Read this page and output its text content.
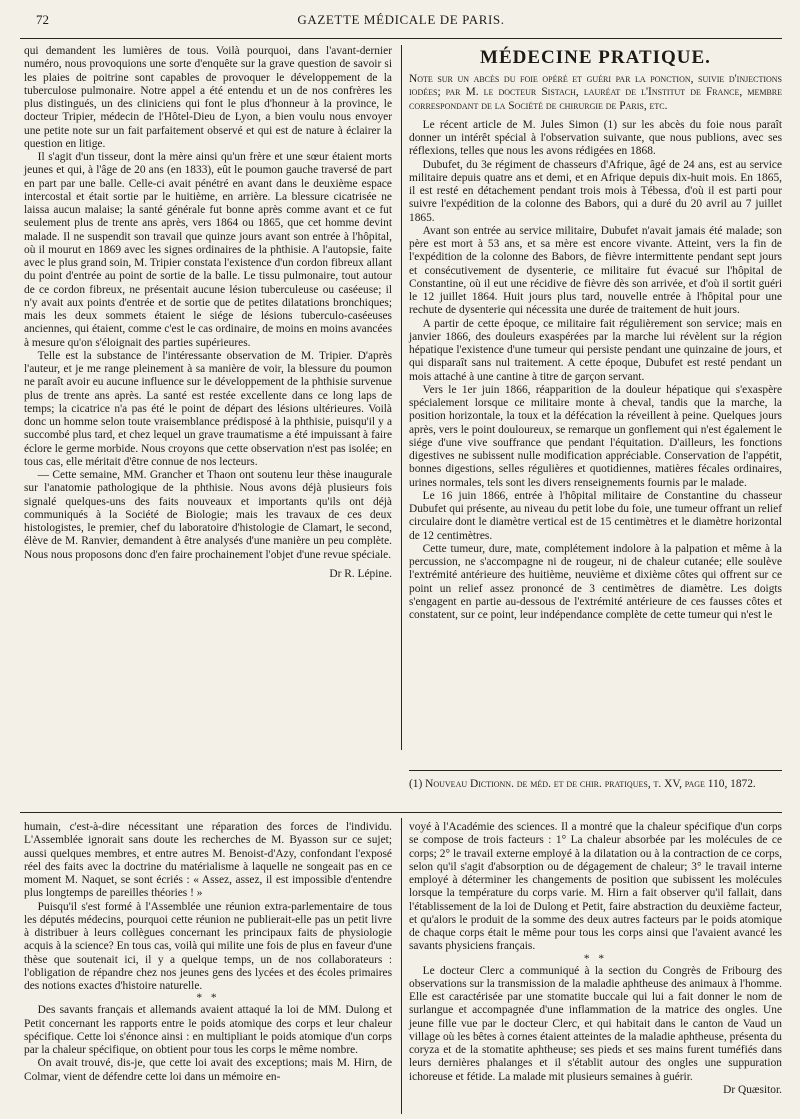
72	GAZETTE MÉDICALE DE PARIS.

qui demandent les lumières de tous. Voilà pourquoi, dans l'avant-dernier numéro, nous provoquions une sorte d'enquête sur la grave question de savoir si les plaies de poitrine sont capables de provoquer le développement de la tuberculose pulmonaire. Notre appel a été entendu et un de nos confrères les plus distingués, un des cliniciens qui font le plus d'honneur à la province, le docteur Tripier, médecin de l'Hôtel-Dieu de Lyon, a bien voulu nous envoyer une petite note sur un fait parfaitement observé et qui est de nature à éclairer la question en litige.

Il s'agit d'un tisseur, dont la mère ainsi qu'un frère et une sœur étaient morts jeunes et qui, à l'âge de 20 ans (en 1833), eût le poumon gauche traversé de part en part par une balle. Celle-ci avait pénétré en avant dans le deuxième espace intercostal et était sortie par le huitième, en arrière. La blessure cicatrisée ne laissa aucun malaise; la santé générale fut bonne après comme avant et ce fut seulement plus de trente ans après, vers 1864 ou 1865, que cet homme devint malade. Il ne suspendit son travail que quinze jours avant son entrée à l'hôpital, où il mourut en 1869 avec les signes ordinaires de la phthisie. A l'autopsie, faite avec le plus grand soin, M. Tripier constata l'existence d'un cordon fibreux allant du point d'entrée au point de sortie de la balle. Le tissu pulmonaire, tout autour de ce cordon fibreux, ne présentait aucune lésion tuberculeuse ou caséeuse; il n'y avait aux points d'entrée et de sortie que de petites dilatations bronchiques; mais les deux sommets étaient le siége de lésions tuberculo-caséeuses anciennes, qui étaient, comme c'est le cas ordinaire, de moins en moins avancées à mesure qu'on s'éloignait des parties supérieures.

Telle est la substance de l'intéressante observation de M. Tripier. D'après l'auteur, et je me range pleinement à sa manière de voir, la blessure du poumon ne paraît avoir eu aucune influence sur le développement de la phthisie survenue plus de trente ans après. La santé est restée excellente dans ce long laps de temps; la cicatrice n'a pas été le point de départ des lésions ultérieures. Voilà donc un homme selon toute vraisemblance prédisposé à la phthisie, puisqu'il y a succombé plus tard, et chez lequel un grave traumatisme a été impuissant à faire éclore le germe morbide. Nous croyons que cette observation n'est pas isolée; en tous cas, elle méritait d'être connue de nos lecteurs.

— Cette semaine, MM. Grancher et Thaon ont soutenu leur thèse inaugurale sur l'anatomie pathologique de la phthisie. Nous avons déjà plusieurs fois signalé quelques-uns des faits nouveaux et importants qu'ils ont déjà communiqués à la Société de Biologie; mais les travaux de ces deux histologistes, le premier, chef du laboratoire d'histologie de Clamart, le second, élève de M. Ranvier, demandent à être analysés d'une manière un peu complète. Nous nous proposons donc d'en faire prochainement l'objet d'une revue spéciale.

Dr R. Lépine.
MÉDECINE PRATIQUE.

Note sur un abcès du foie opéré et guéri par la ponction, suivie d'injections iodées; par M. le docteur Sistach, lauréat de l'Institut de France, membre correspondant de la Société de chirurgie de Paris, etc.

Le récent article de M. Jules Simon (1) sur les abcès du foie nous paraît donner un intérêt spécial à l'observation suivante, que nous publions, avec ses réflexions, telles que nous les avons rédigées en 1868.

Dubufet, du 3e régiment de chasseurs d'Afrique, âgé de 24 ans, est au service militaire depuis quatre ans et demi, et en Afrique depuis dix-huit mois. En 1865, il est resté en détachement pendant trois mois à Tébessa, d'où il est parti pour suivre l'expédition de la colonne des Babors, qui a duré du 20 avril au 7 juillet 1865.

Avant son entrée au service militaire, Dubufet n'avait jamais été malade; son père est mort à 53 ans, et sa mère est encore vivante. Atteint, vers la fin de l'expédition de la colonne des Babors, de fièvre intermittente pendant sept jours et consécutivement de dysenterie, ce militaire fut évacué sur l'hôpital de Constantine, où il eut une récidive de fièvre dès son arrivée, et d'où il sortit guéri le 12 juillet 1864. Huit jours plus tard, nouvelle entrée à l'hôpital pour une rechute de dysenterie qui nécessita une durée de traitement de huit jours.

A partir de cette époque, ce militaire fait régulièrement son service; mais en janvier 1866, des douleurs exaspérées par la marche lui révèlent sur la région hépatique l'existence d'une tumeur qui persiste pendant une quinzaine de jours, et qui disparaît sans nul traitement. A cette époque, Dubufet est resté pendant un mois attaché à une cantine à titre de garçon servant.

Vers le 1er juin 1866, réapparition de la douleur hépatique qui s'exaspère spécialement lorsque ce militaire monte à cheval, tandis que la marche, la position horizontale, la toux et la défécation la réveillent à peine. Quelques jours après, vers le point douloureux, se remarque un gonflement qui n'est également le siége d'une vive souffrance que pendant l'équitation. D'ailleurs, les fonctions digestives ne subissent nulle modification appréciable. Conservation de l'appétit, bonnes digestions, selles régulières et quotidiennes, matières fécales ordinaires, urines normales, tels sont les divers renseignements fournis par le malade.

Le 16 juin 1866, entrée à l'hôpital militaire de Constantine du chasseur Dubufet qui présente, au niveau du petit lobe du foie, une tumeur offrant un relief circulaire dont le diamètre vertical est de 15 centimètres et le diamètre horizontal de 12 centimètres.

Cette tumeur, dure, mate, complétement indolore à la palpation et même à la percussion, ne s'accompagne ni de rougeur, ni de chaleur cutanée; elle soulève l'extrémité antérieure des huitième, neuvième et dixième côtes qui offrent sur ce point un relief assez prononcé de 3 centimètres de diamètre. Les doigts s'engagent en partie au-dessous de l'extrémité antérieure de ces fausses côtes et constatent, sur ce point, leur indépendance complète de cette tumeur qui n'est le

(1) Nouveau Dictionn. de méd. et de chir. pratiques, t. XV, page 110, 1872.

humain, c'est-à-dire nécessitant une réparation des forces de l'individu. L'Assemblée ignorait sans doute les recherches de M. Byasson sur ce sujet; aussi quelques membres, et entre autres M. Benoist-d'Azy, confondant l'exposé réel des faits avec la doctrine du matérialisme à laquelle ne songeait pas en ce moment M. Naquet, se sont écriés : « Assez, assez, il est impossible d'entendre plus longtemps de pareilles théories ! »

Puisqu'il s'est formé à l'Assemblée une réunion extra-parlementaire de tous les députés médecins, pourquoi cette réunion ne publierait-elle pas un petit livre à distribuer à leurs collègues concernant les principaux faits de physiologie acquis à la science? En tous cas, voilà qui milite une fois de plus en faveur d'une thèse que soutenait ici, il y a quelque temps, un de nos collaborateurs : l'obligation de répandre chez nos jeunes gens des lycées et des écoles primaires des notions exactes d'histoire naturelle.

* *

Des savants français et allemands avaient attaqué la loi de MM. Dulong et Petit concernant les rapports entre le poids atomique des corps et leur chaleur spécifique. Cette loi s'énonce ainsi : en multipliant le poids atomique d'un corps par la chaleur spécifique, on obtient pour tous les corps le même nombre.

On avait trouvé, dis-je, que cette loi avait des exceptions; mais M. Hirn, de Colmar, vient de défendre cette loi dans un mémoire en-

voyé à l'Académie des sciences. Il a montré que la chaleur spécifique d'un corps se compose de trois facteurs : 1° La chaleur absorbée par les molécules de ce corps; 2° le travail externe employé à la dilatation ou à la contraction de ce corps, selon qu'il s'agit d'absorption ou de dégagement de chaleur; 3° le travail interne employé à déterminer les changements de position que subissent les molécules lorsque la température du corps varie. M. Hirn a fait observer qu'il fallait, dans l'établissement de la loi de Dulong et Petit, faire abstraction du deuxième facteur, et qu'alors le produit de la somme des deux autres facteurs par le poids atomique de chaque corps était le même pour tous les corps ainsi que l'avaient avancé les savants physiciens français.

* *

Le docteur Clerc a communiqué à la section du Congrès de Fribourg des observations sur la transmission de la maladie aphtheuse des animaux à l'homme. Elle est caractérisée par une stomatite buccale qui lui a fait donner le nom de surlangue et accompagnée d'une inflammation de la matrice des ongles. Une jeune fille vue par le docteur Clerc, et qui habitait dans le canton de Vaud un village où les bêtes à cornes étaient atteintes de la maladie aphtheuse, présenta du coryza et de la stomatite aphtheuse; ses pieds et ses mains furent tuméfiés dans leurs dernières phalanges et il s'établit autour des ongles une suppuration ichoreuse et fétide. La malade mit plusieurs semaines à guérir.

Dr Quæsitor.
